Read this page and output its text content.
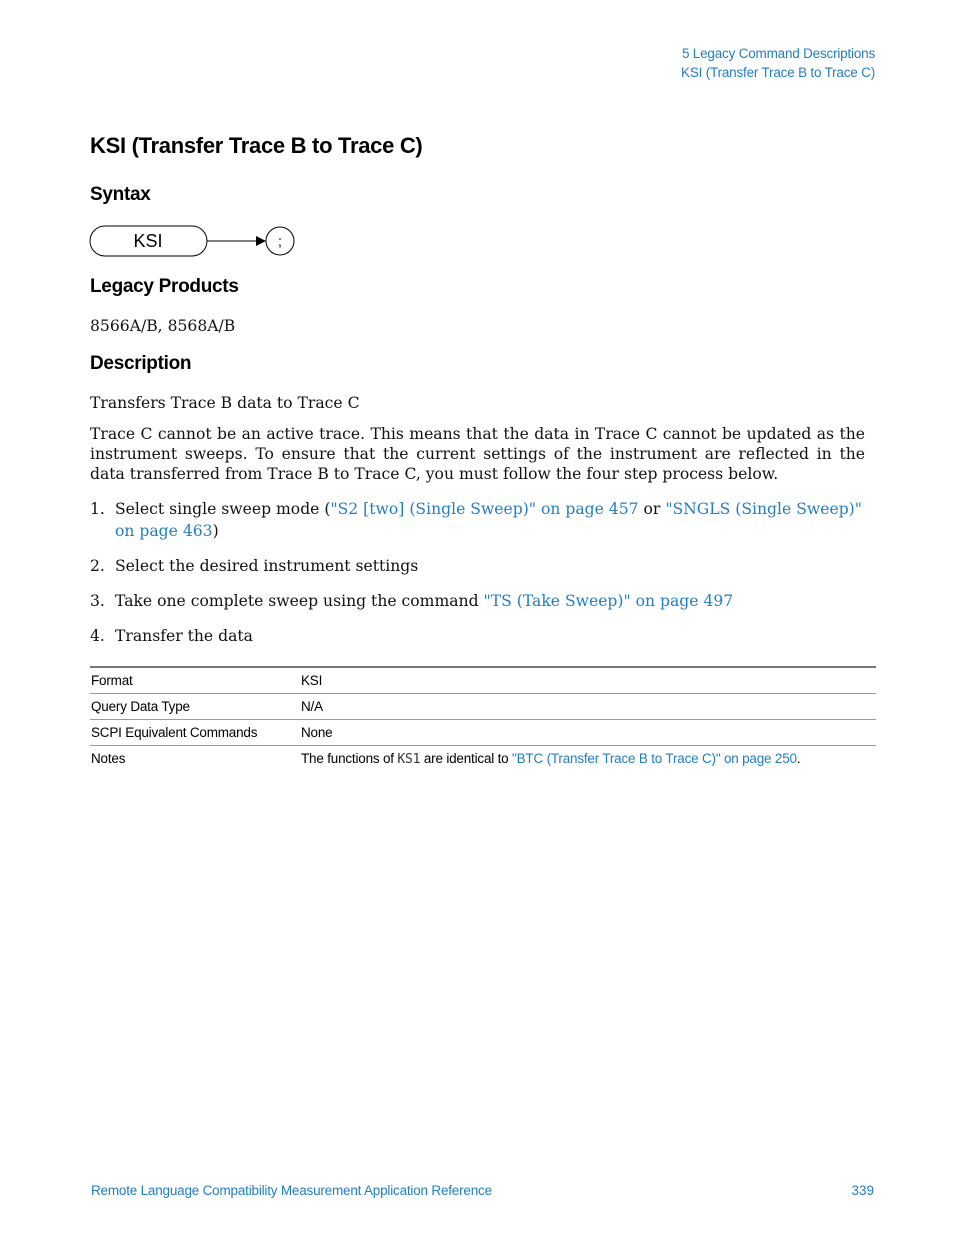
5 Legacy Command Descriptions
KSI (Transfer Trace B to Trace C)
KSI (Transfer Trace B to Trace C)
Syntax
KSI	;
Legacy Products

8566A/B, 8568A/B

Description

Transfers Trace B data to Trace C

Trace C cannot be an active trace. This means that the data in Trace C cannot be updated as the instrument sweeps. To ensure that the current settings of the instrument are reflected in the data transferred from Trace B to Trace C, you must follow the four step process below.

1. Select single sweep mode ("S2 [two] (Single Sweep)" on page 457 or "SNGLS (Single Sweep)" on page 463)
2. Select the desired instrument settings
3. Take one complete sweep using the command "TS (Take Sweep)" on page 497
4. Transfer the data
Format	KSI
Query Data Type	N/A
SCPI Equivalent Commands	None
Notes	The functions of KS1 are identical to "BTC (Transfer Trace B to Trace C)" on page 250.
Remote Language Compatibility Measurement Application Reference	339
